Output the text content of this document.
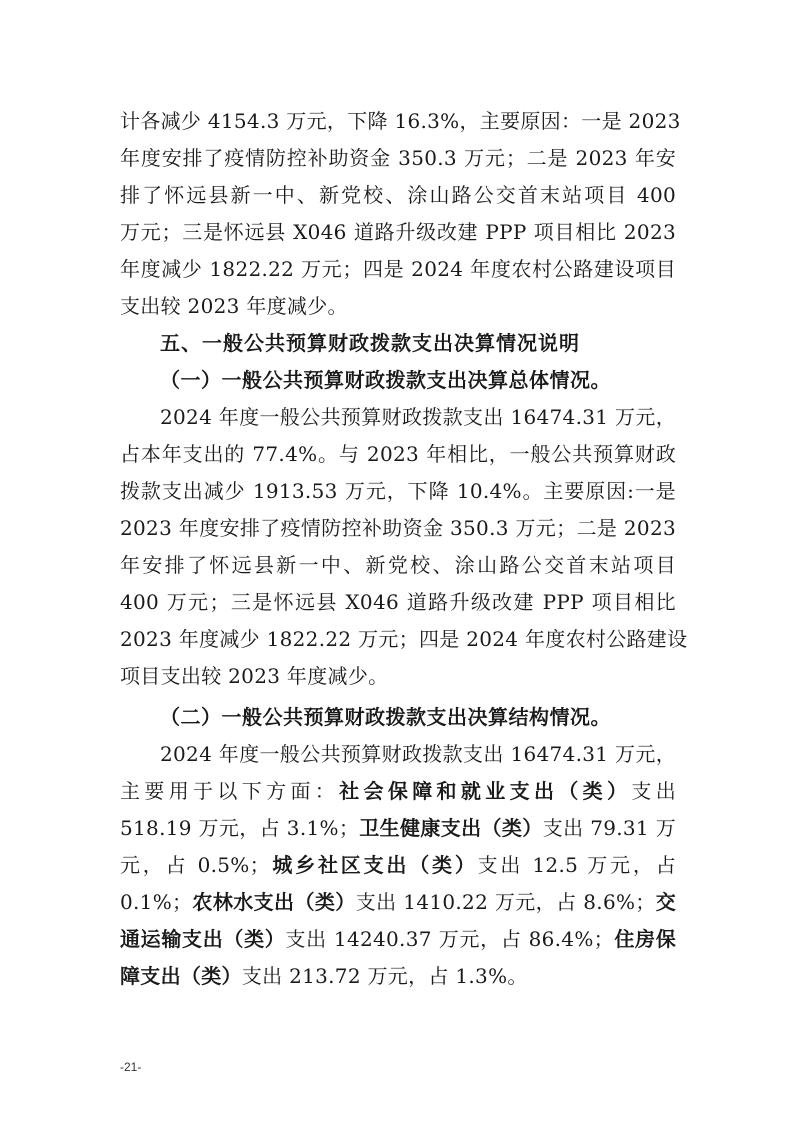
计各减少 4154.3 万元，下降 16.3%，主要原因：一是 2023
年度安排了疫情防控补助资金 350.3 万元；二是 2023 年安
排了怀远县新一中、新党校、涂山路公交首末站项目 400
万元；三是怀远县 X046 道路升级改建 PPP 项目相比 2023
年度减少 1822.22 万元；四是 2024 年度农村公路建设项目
支出较 2023 年度减少。
五、一般公共预算财政拨款支出决算情况说明
（一）一般公共预算财政拨款支出决算总体情况。
2024 年度一般公共预算财政拨款支出 16474.31 万元，
占本年支出的 77.4%。与 2023 年相比，一般公共预算财政
拨款支出减少 1913.53 万元，下降 10.4%。主要原因:一是
2023 年度安排了疫情防控补助资金 350.3 万元；二是 2023
年安排了怀远县新一中、新党校、涂山路公交首末站项目
400 万元；三是怀远县 X046 道路升级改建 PPP 项目相比
2023 年度减少 1822.22 万元；四是 2024 年度农村公路建设
项目支出较 2023 年度减少。
（二）一般公共预算财政拨款支出决算结构情况。
2024 年度一般公共预算财政拨款支出 16474.31 万元，
主要用于以下方面：社会保障和就业支出（类）支出
518.19 万元，占 3.1%；卫生健康支出（类）支出 79.31 万
元，占 0.5%；城乡社区支出（类）支出 12.5 万元，占
0.1%；农林水支出（类）支出 1410.22 万元，占 8.6%；交
通运输支出（类）支出 14240.37 万元，占 86.4%；住房保
障支出（类）支出 213.72 万元，占 1.3%。
-21-
